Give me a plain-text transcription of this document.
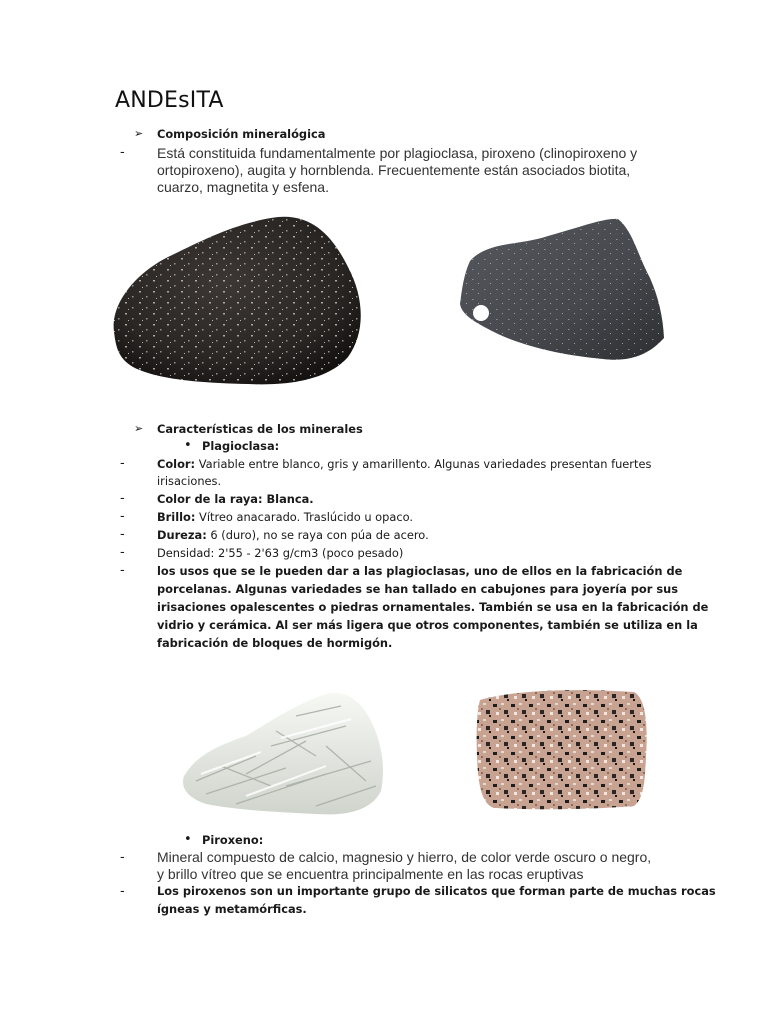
ANDEsITA
➢ Composición mineralógica
- Está constituida fundamentalmente por plagioclasa, piroxeno (clinopiroxeno y
ortopiroxeno), augita y hornblenda. Frecuentemente están asociados biotita,
cuarzo, magnetita y esfena.
➢ Características de los minerales
• Plagioclasa:
-	Color: Variable entre blanco, gris y amarillento. Algunas variedades presentan fuertes
irisaciones.
-	Color de la raya: Blanca.
-	Brillo: Vítreo anacarado. Traslúcido u opaco.
-	Dureza: 6 (duro), no se raya con púa de acero.
-	Densidad: 2'55 - 2'63 g/cm3 (poco pesado)
-	los usos que se le pueden dar a las plagioclasas, uno de ellos en la fabricación de
porcelanas. Algunas variedades se han tallado en cabujones para joyería por sus
irisaciones opalescentes o piedras ornamentales. También se usa en la fabricación de
vidrio y cerámica. Al ser más ligera que otros componentes, también se utiliza en la
fabricación de bloques de hormigón.
• Piroxeno:
- Mineral compuesto de calcio, magnesio y hierro, de color verde oscuro o negro,
y brillo vítreo que se encuentra principalmente en las rocas eruptivas
-	Los piroxenos son un importante grupo de silicatos que forman parte de muchas rocas
ígneas y metamórficas.
